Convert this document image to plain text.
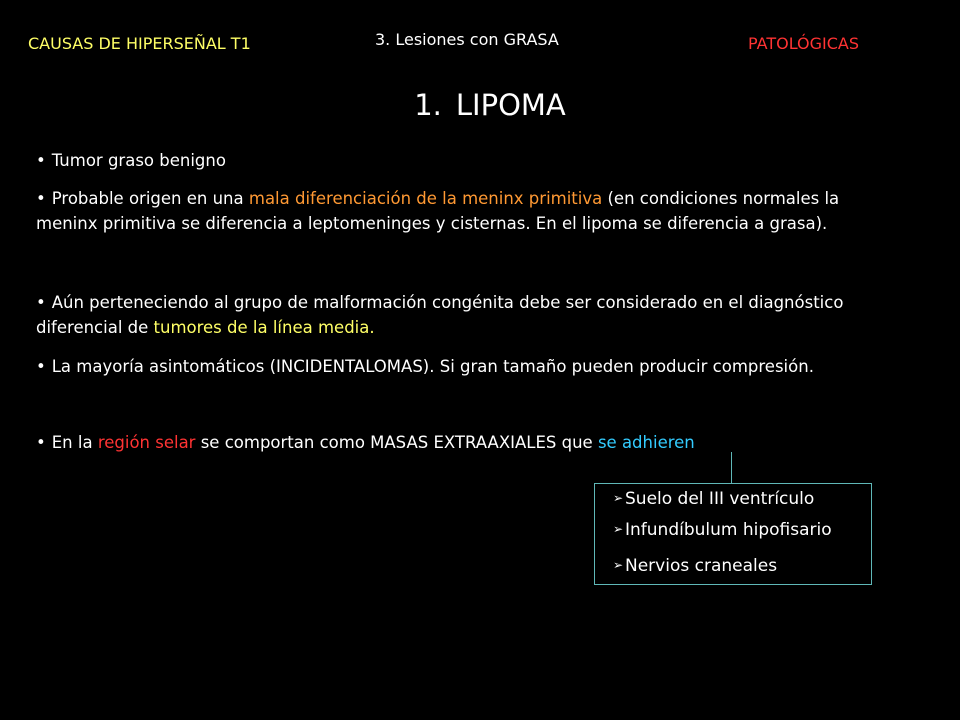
CAUSAS DE HIPERSEÑAL T1	3. Lesiones con GRASA	PATOLÓGICAS
1. LIPOMA
• Tumor graso benigno
• Probable origen en una mala diferenciación de la meninx primitiva (en condiciones normales la
meninx primitiva se diferencia a leptomeninges y cisternas. En el lipoma se diferencia a grasa).
• Aún perteneciendo al grupo de malformación congénita debe ser considerado en el diagnóstico
diferencial de tumores de la línea media.
• La mayoría asintomáticos (INCIDENTALOMAS). Si gran tamaño pueden producir compresión.
• En la región selar se comportan como MASAS EXTRAAXIALES que se adhieren
➢ Suelo del III ventrículo
➢ Infundíbulum hipofisario
➢ Nervios craneales
